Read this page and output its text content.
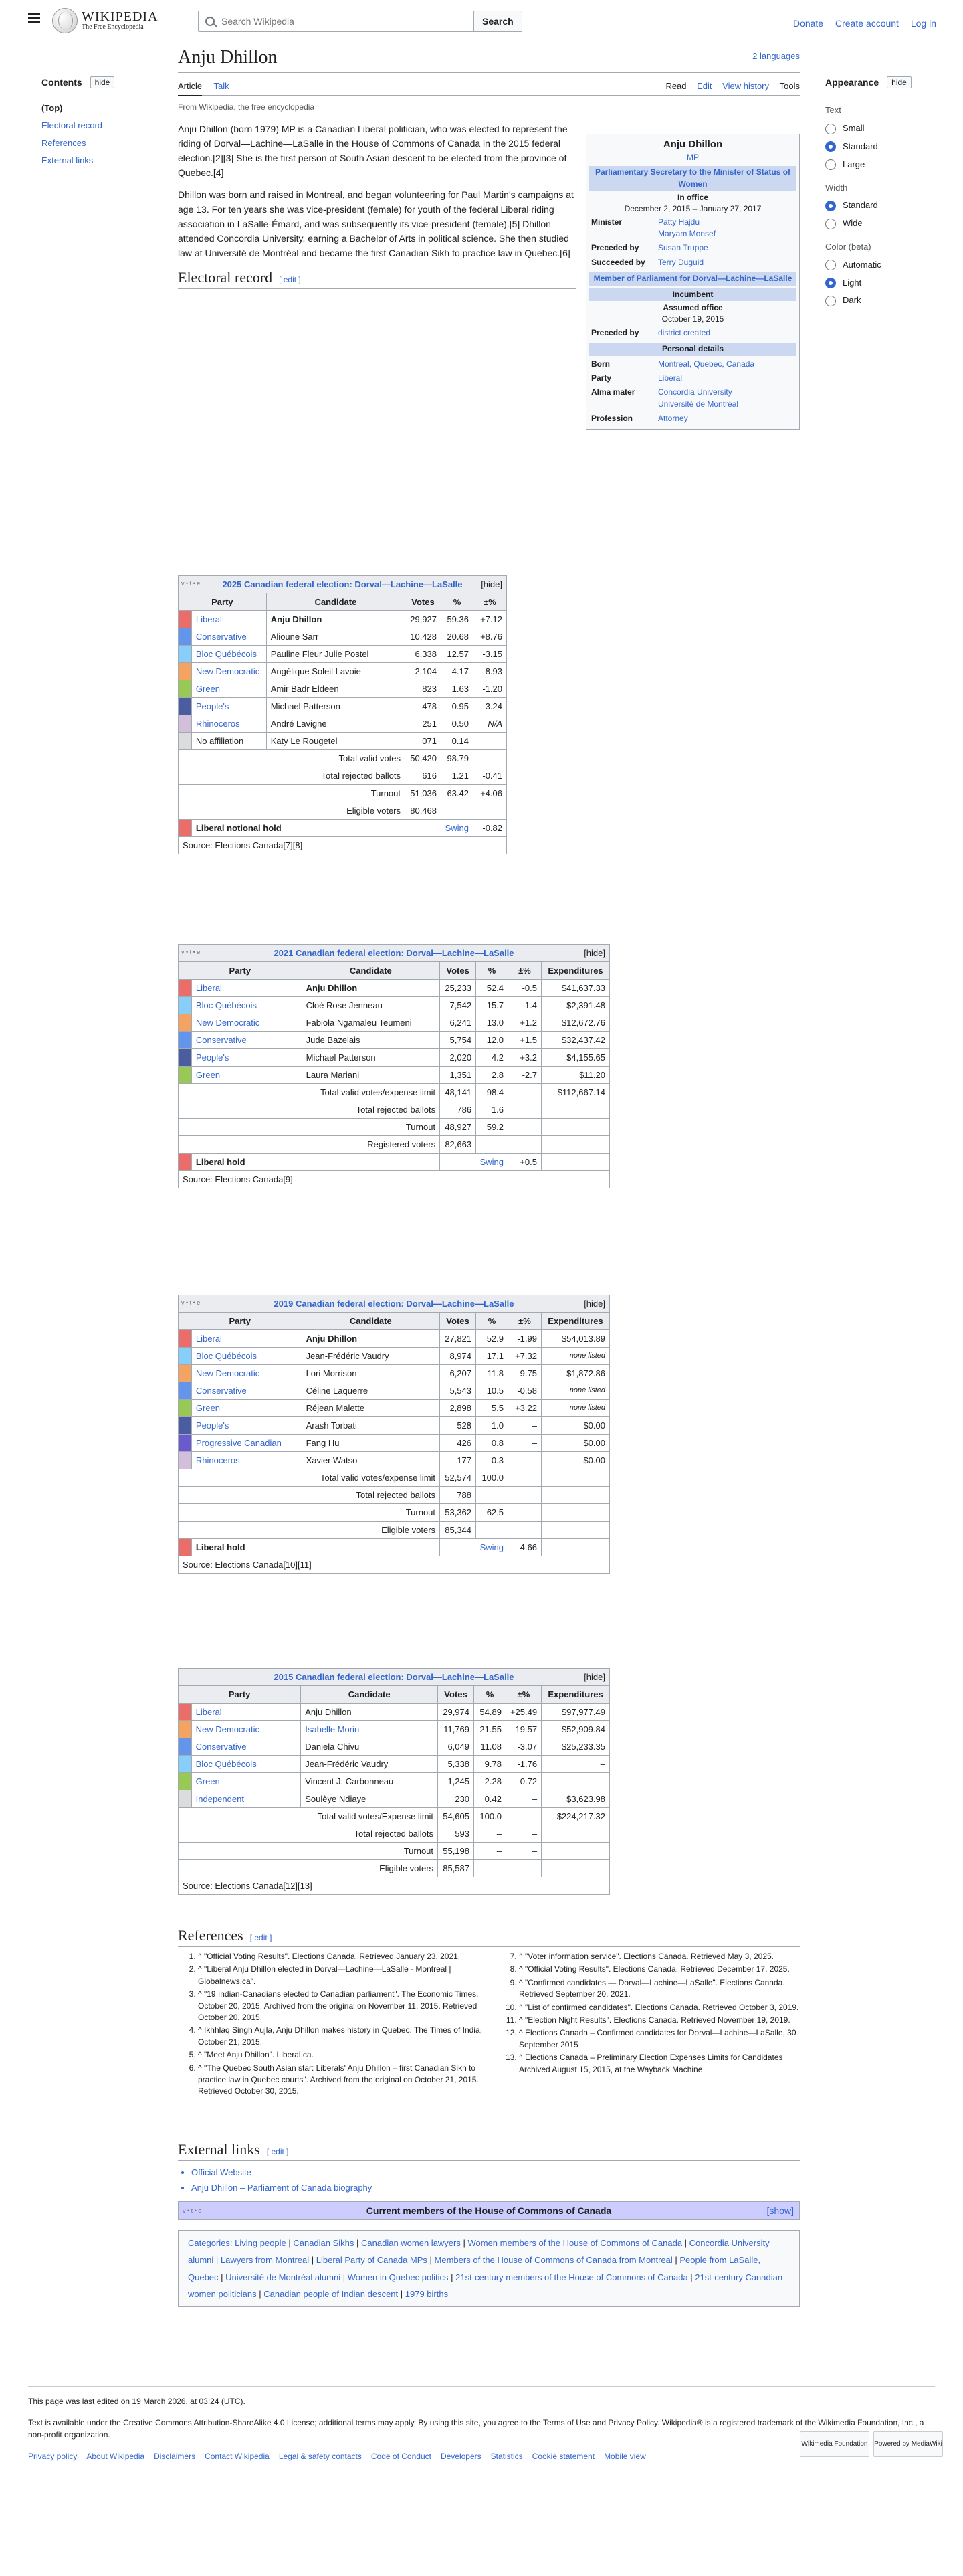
WIKIPEDIA
The Free Encyclopedia
Search Wikipedia
Search	Donate Create account Log in
Contents	hide
(Top)
Electoral record
References
External links
Appearance	hide
Text
Small
Standard
Large
Width
Standard
Wide
Color (beta)
Automatic
Light
Dark
Anju Dhillon	2 languages
Article Talk	Read Edit View history Tools
From Wikipedia, the free encyclopedia

Anju Dhillon (born 1979) MP is a Canadian Liberal politician, who was elected to represent the riding of Dorval—Lachine—LaSalle in the House of Commons of Canada in the 2015 federal election.[2][3] She is the first person of South Asian descent to be elected from the province of Quebec.[4]

Dhillon was born and raised in Montreal, and began volunteering for Paul Martin's campaigns at age 13. For ten years she was vice-president (female) for youth of the federal Liberal riding association in LaSalle-Émard, and was subsequently its vice-president (female).[5] Dhillon attended Concordia University, earning a Bachelor of Arts in political science. She then studied law at Université de Montréal and became the first Canadian Sikh to practice law in Quebec.[6]

Anju Dhillon
MP
Parliamentary Secretary to the Minister of Status of Women
In office
December 2, 2015 – January 27, 2017
Minister	Patty Hajdu
Maryam Monsef
Preceded by	Susan Truppe
Succeeded by	Terry Duguid
Member of Parliament for Dorval—Lachine—LaSalle
Incumbent
Assumed office
October 19, 2015
Preceded by	district created
Personal details
Born	Montreal, Quebec, Canada
Party	Liberal
Alma mater	Concordia University
Université de Montréal
Profession	Attorney
Electoral record [ edit ]
v • t • e 2025 Canadian federal election: Dorval—Lachine—LaSalle [hide]					

Party		Candidate	Votes	%	±%
	Liberal	Anju Dhillon	29,927	59.36	+7.12
	Conservative	Alioune Sarr	10,428	20.68	+8.76
	Bloc Québécois	Pauline Fleur Julie Postel	6,338	12.57	-3.15
	New Democratic	Angélique Soleil Lavoie	2,104	4.17	-8.93
	Green	Amir Badr Eldeen	823	1.63	-1.20
	People's	Michael Patterson	478	0.95	-3.24
	Rhinoceros	André Lavigne	251	0.50	N/A
	No affiliation	Katy Le Rougetel	071	0.14	
Total valid votes			50,420	98.79	
Total rejected ballots			616	1.21	-0.41
Turnout			51,036	63.42	+4.06
Eligible voters			80,468		
	Liberal notional hold		Swing		-0.82
Source: Elections Canada[7][8]					
v • t • e 2021 Canadian federal election: Dorval—Lachine—LaSalle [hide]						

Party		Candidate	Votes	%	±%	Expenditures
	Liberal	Anju Dhillon	25,233	52.4	-0.5	$41,637.33
	Bloc Québécois	Cloé Rose Jenneau	7,542	15.7	-1.4	$2,391.48
	New Democratic	Fabiola Ngamaleu Teumeni	6,241	13.0	+1.2	$12,672.76
	Conservative	Jude Bazelais	5,754	12.0	+1.5	$32,437.42
	People's	Michael Patterson	2,020	4.2	+3.2	$4,155.65
	Green	Laura Mariani	1,351	2.8	-2.7	$11.20
Total valid votes/expense limit			48,141	98.4	–	$112,667.14
Total rejected ballots			786	1.6		
Turnout			48,927	59.2		
Registered voters			82,663			
	Liberal hold		Swing		+0.5	
Source: Elections Canada[9]						
v • t • e 2019 Canadian federal election: Dorval—Lachine—LaSalle [hide]						

Party		Candidate	Votes	%	±%	Expenditures
	Liberal	Anju Dhillon	27,821	52.9	-1.99	$54,013.89
	Bloc Québécois	Jean-Frédéric Vaudry	8,974	17.1	+7.32	none listed
	New Democratic	Lori Morrison	6,207	11.8	-9.75	$1,872.86
	Conservative	Céline Laquerre	5,543	10.5	-0.58	none listed
	Green	Réjean Malette	2,898	5.5	+3.22	none listed
	People's	Arash Torbati	528	1.0	–	$0.00
	Progressive Canadian	Fang Hu	426	0.8	–	$0.00
	Rhinoceros	Xavier Watso	177	0.3	–	$0.00
Total valid votes/expense limit			52,574	100.0		
Total rejected ballots			788			
Turnout			53,362	62.5		
Eligible voters			85,344			
	Liberal hold		Swing		-4.66	
Source: Elections Canada[10][11]						
2015 Canadian federal election: Dorval—Lachine—LaSalle [hide]						

Party		Candidate	Votes	%	±%	Expenditures
	Liberal	Anju Dhillon	29,974	54.89	+25.49	$97,977.49
	New Democratic	Isabelle Morin	11,769	21.55	-19.57	$52,909.84
	Conservative	Daniela Chivu	6,049	11.08	-3.07	$25,233.35
	Bloc Québécois	Jean-Frédéric Vaudry	5,338	9.78	-1.76	–
	Green	Vincent J. Carbonneau	1,245	2.28	-0.72	–
	Independent	Soulèye Ndiaye	230	0.42	–	$3,623.98
Total valid votes/Expense limit			54,605	100.0		$224,217.32
Total rejected ballots			593	–	–	
Turnout			55,198	–	–	
Eligible voters			85,587			
Source: Elections Canada[12][13]						
References [ edit ]
1. ^ "Official Voting Results". Elections Canada. Retrieved January 23, 2021.
2. ^ "Liberal Anju Dhillon elected in Dorval—Lachine—LaSalle - Montreal | Globalnews.ca".
3. ^ "19 Indian-Canadians elected to Canadian parliament". The Economic Times. October 20, 2015. Archived from the original on November 11, 2015. Retrieved October 20, 2015.
4. ^ Ikhhlaq Singh Aujla, Anju Dhillon makes history in Quebec. The Times of India, October 21, 2015.
5. ^ "Meet Anju Dhillon". Liberal.ca.
6. ^ "The Quebec South Asian star: Liberals' Anju Dhillon – first Canadian Sikh to practice law in Quebec courts". Archived from the original on October 21, 2015. Retrieved October 30, 2015.
7. ^ "Voter information service". Elections Canada. Retrieved May 3, 2025.
8. ^ "Official Voting Results". Elections Canada. Retrieved December 17, 2025.
9. ^ "Confirmed candidates — Dorval—Lachine—LaSalle". Elections Canada. Retrieved September 20, 2021.
10. ^ "List of confirmed candidates". Elections Canada. Retrieved October 3, 2019.
11. ^ "Election Night Results". Elections Canada. Retrieved November 19, 2019.
12. ^ Elections Canada – Confirmed candidates for Dorval—Lachine—LaSalle, 30 September 2015
13. ^ Elections Canada – Preliminary Election Expenses Limits for Candidates Archived August 15, 2015, at the Wayback Machine
External links [ edit ]
• Official Website
• Anju Dhillon – Parliament of Canada biography
v • t • e	Current members of the House of Commons of Canada	[show]
Categories: Living people | Canadian Sikhs | Canadian women lawyers | Women members of the House of Commons of Canada | Concordia University alumni | Lawyers from Montreal | Liberal Party of Canada MPs | Members of the House of Commons of Canada from Montreal | People from LaSalle, Quebec | Université de Montréal alumni | Women in Quebec politics | 21st-century members of the House of Commons of Canada | 21st-century Canadian women politicians | Canadian people of Indian descent | 1979 births
This page was last edited on 19 March 2026, at 03:24 (UTC).
Text is available under the Creative Commons Attribution-ShareAlike 4.0 License; additional terms may apply. By using this site, you agree to the Terms of Use and Privacy Policy. Wikipedia® is a registered trademark of the Wikimedia Foundation, Inc., a non-profit organization.
Privacy policy About Wikipedia Disclaimers Contact Wikipedia Legal & safety contacts Code of Conduct Developers Statistics Cookie statement Mobile view
Wikimedia Foundation Powered by MediaWiki
